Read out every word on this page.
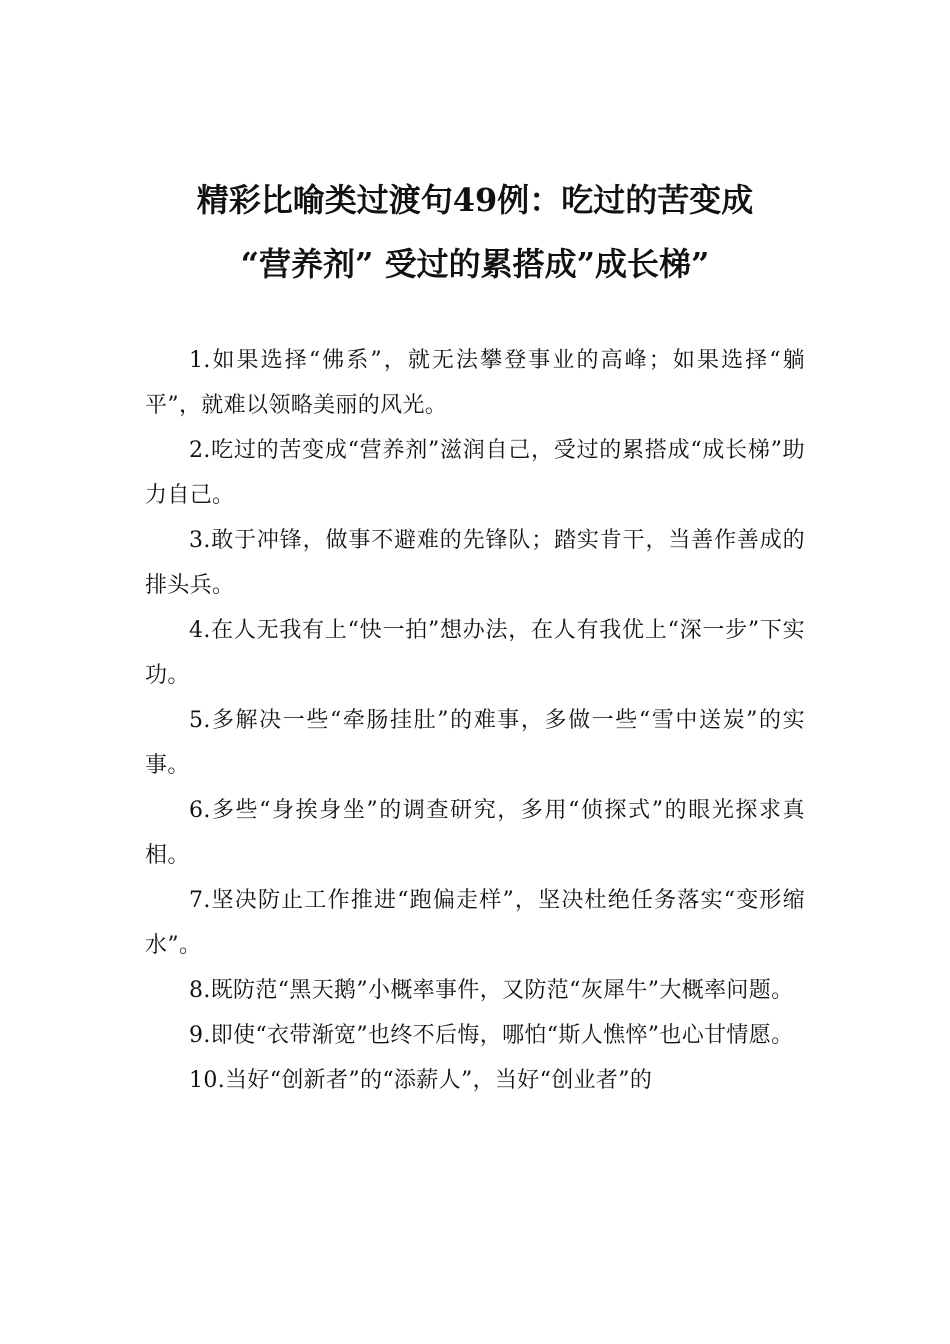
精彩比喻类过渡句49例：吃过的苦变成
“营养剂” 受过的累搭成”成长梯”

1.如果选择“佛系”，就无法攀登事业的高峰；如果选择“躺平”，就难以领略美丽的风光。

2.吃过的苦变成“营养剂”滋润自己，受过的累搭成“成长梯”助力自己。

3.敢于冲锋，做事不避难的先锋队；踏实肯干，当善作善成的排头兵。

4.在人无我有上“快一拍”想办法，在人有我优上“深一步”下实功。

5.多解决一些“牵肠挂肚”的难事，多做一些“雪中送炭”的实事。

6.多些“身挨身坐”的调查研究，多用“侦探式”的眼光探求真相。

7.坚决防止工作推进“跑偏走样”，坚决杜绝任务落实“变形缩水”。

8.既防范“黑天鹅”小概率事件，又防范“灰犀牛”大概率问题。

9.即使“衣带渐宽”也终不后悔，哪怕“斯人憔悴”也心甘情愿。

10.当好“创新者”的“添薪人”，当好“创业者”的
